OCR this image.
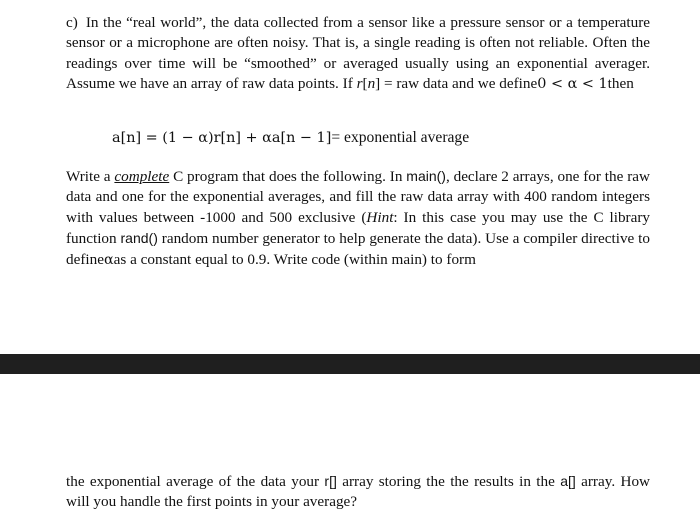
c) In the “real world”, the data collected from a sensor like a pressure sensor or a temperature sensor or a microphone are often noisy. That is, a single reading is often not reliable. Often the readings over time will be “smoothed” or averaged usually using an exponential averager. Assume we have an array of raw data points. If r[n] = raw data and we define0 < α < 1then

a[n] = (1 − α)r[n] + αa[n − 1]= exponential average

Write a complete C program that does the following. In main(), declare 2 arrays, one for the raw data and one for the exponential averages, and fill the raw data array with 400 random integers with values between -1000 and 500 exclusive (Hint: In this case you may use the C library function rand() random number generator to help generate the data). Use a compiler directive to defineαas a constant equal to 0.9. Write code (within main) to form

the exponential average of the data your r[] array storing the the results in the a[] array. How will you handle the first points in your average?
